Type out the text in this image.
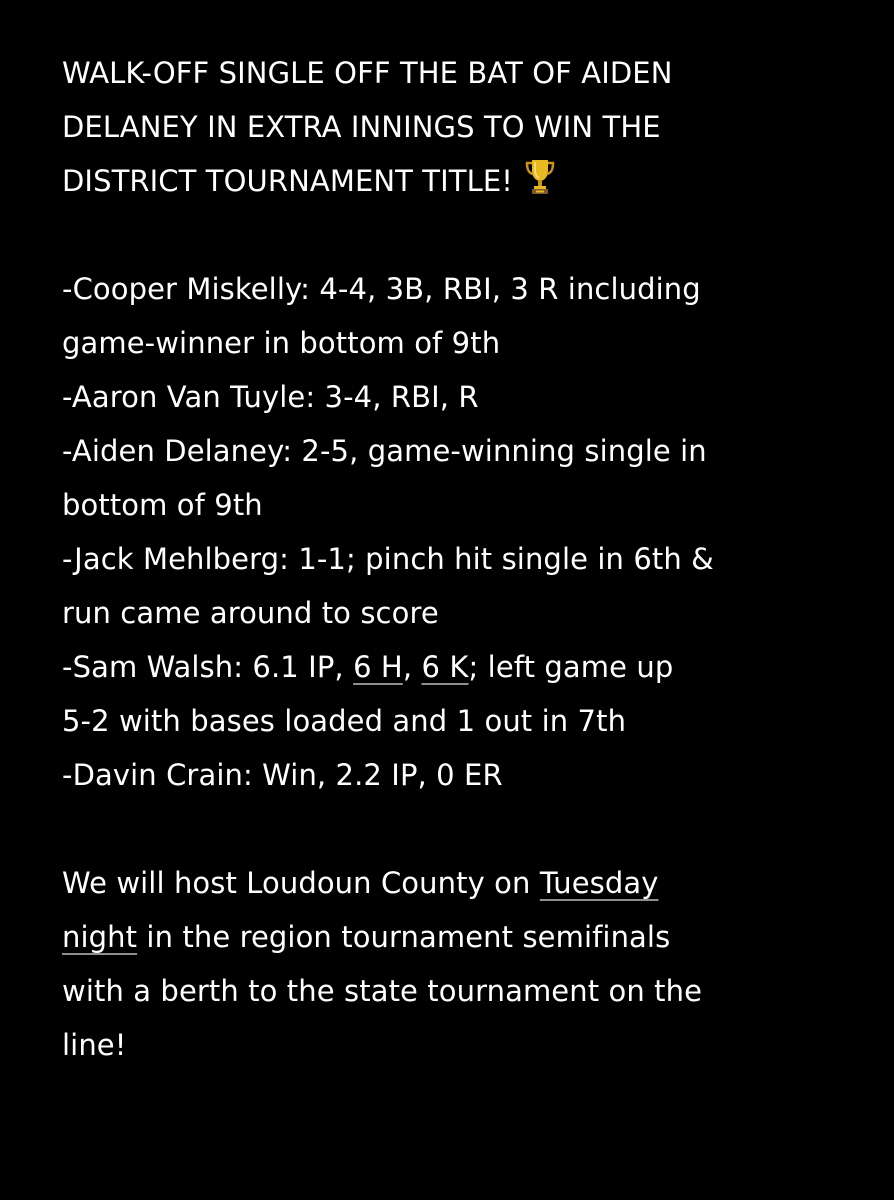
WALK-OFF SINGLE OFF THE BAT OF AIDEN
DELANEY IN EXTRA INNINGS TO WIN THE
DISTRICT TOURNAMENT TITLE!
-Cooper Miskelly: 4-4, 3B, RBI, 3 R including
game-winner in bottom of 9th
-Aaron Van Tuyle: 3-4, RBI, R
-Aiden Delaney: 2-5, game-winning single in
bottom of 9th
-Jack Mehlberg: 1-1; pinch hit single in 6th &
run came around to score
-Sam Walsh: 6.1 IP, 6 H, 6 K; left game up
5-2 with bases loaded and 1 out in 7th
-Davin Crain: Win, 2.2 IP, 0 ER
We will host Loudoun County on Tuesday
night in the region tournament semifinals
with a berth to the state tournament on the
line!
